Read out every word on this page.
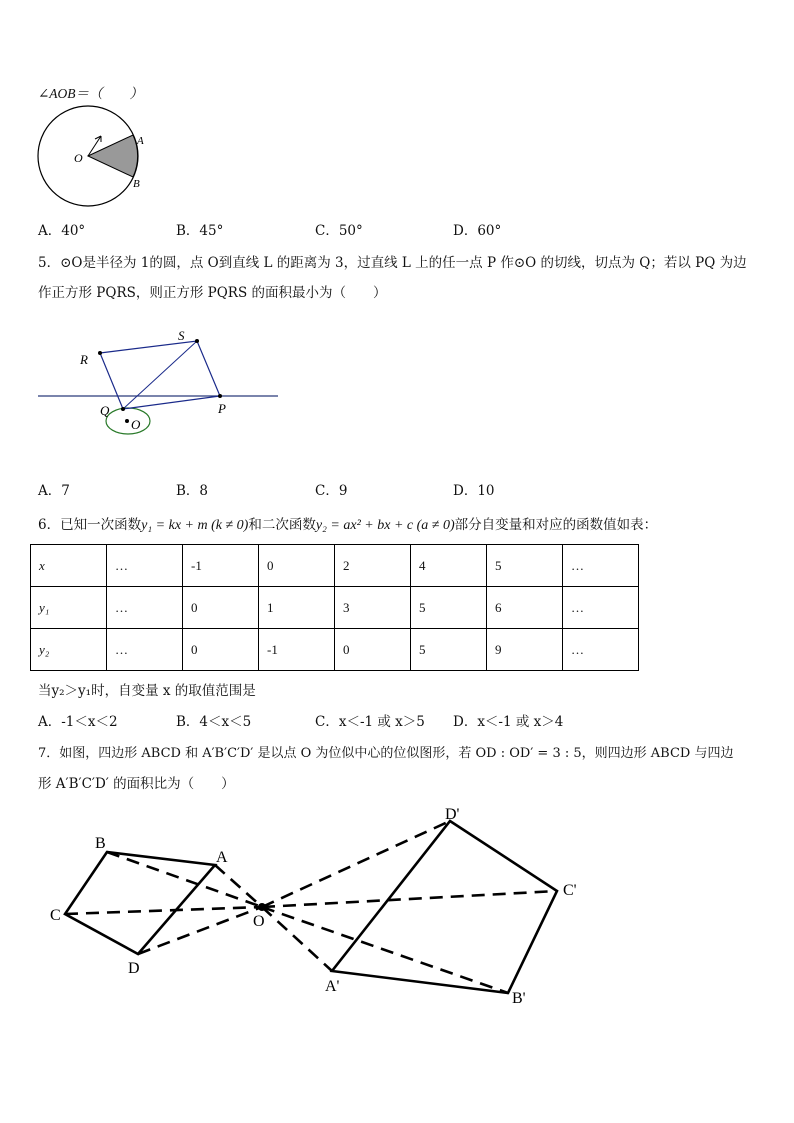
∠AOB＝（　　）
O
A
B
A．40°	B．45°	C．50°	D．60°
5．⊙O是半径为 1的圆，点 O到直线 L 的距离为 3，过直线 L 上的任一点 P 作⊙O 的切线，切点为 Q；若以 PQ 为边
作正方形 PQRS，则正方形 PQRS 的面积最小为（　　）
R
S
Q	P
O
A．7	B．8	C．9	D．10
6．已知一次函数y₁ = kx + m (k ≠ 0)和二次函数y₂ = ax² + bx + c (a ≠ 0)部分自变量和对应的函数值如表：
x	…	-1	0	2	4	5	…
y₁	…	0	1	3	5	6	…
y₂	…	0	-1	0	5	9	…
当y₂＞y₁时，自变量 x 的取值范围是
A．-1＜x＜2	B．4＜x＜5	C．x＜-1 或 x＞5 D．x＜-1 或 x＞4
7．如图，四边形 ABCD 和 A′B′C′D′ 是以点 O 为位似中心的位似图形，若 OD : OD′ = 3 : 5，则四边形 ABCD 与四边
形 A′B′C′D′ 的面积比为（　　）
B
A
C
D
O
D'
C'
A'
B'
